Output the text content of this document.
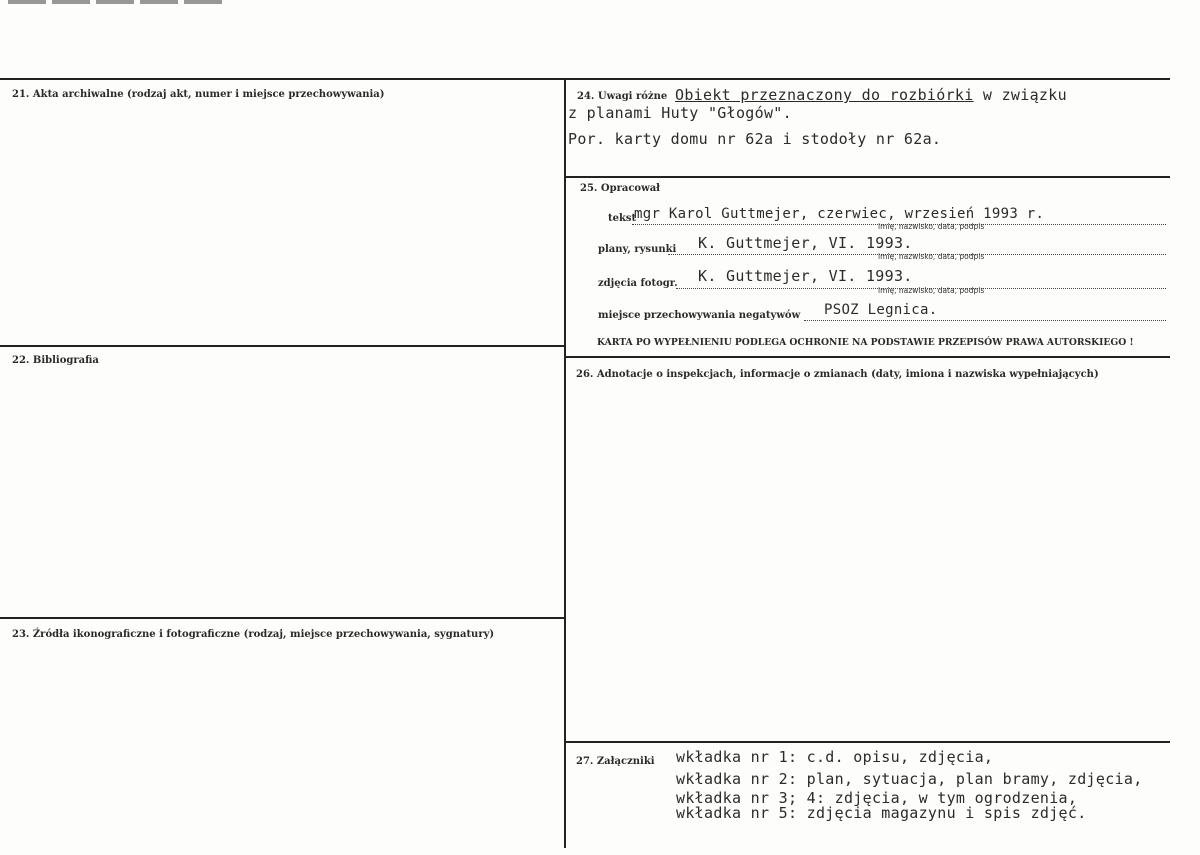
21. Akta archiwalne (rodzaj akt, numer i miejsce przechowywania)
22. Bibliografia
23. Źródła ikonograficzne i fotograficzne (rodzaj, miejsce przechowywania, sygnatury)
24. Uwagi różne Obiekt przeznaczony do rozbiórki w związku
z planami Huty "Głogów".
Por. karty domu nr 62a i stodoły nr 62a.
25. Opracował
tekst
mgr Karol Guttmejer, czerwiec, wrzesień 1993 r.
imię, nazwisko, data, podpis
plany, rysunki K. Guttmejer, VI. 1993.
imię, nazwisko, data, podpis
zdjęcia fotogr. K. Guttmejer, VI. 1993.
imię, nazwisko, data, podpis
miejsce przechowywania negatywów PSOZ Legnica.
KARTA PO WYPEŁNIENIU PODLEGA OCHRONIE NA PODSTAWIE PRZEPISÓW PRAWA AUTORSKIEGO !
26. Adnotacje o inspekcjach, informacje o zmianach (daty, imiona i nazwiska wypełniających)
27. Załączniki wkładka nr 1: c.d. opisu, zdjęcia,
wkładka nr 2: plan, sytuacja, plan bramy, zdjęcia,
wkładka nr 3; 4: zdjęcia, w tym ogrodzenia,
wkładka nr 5: zdjęcia magazynu i spis zdjęć.
